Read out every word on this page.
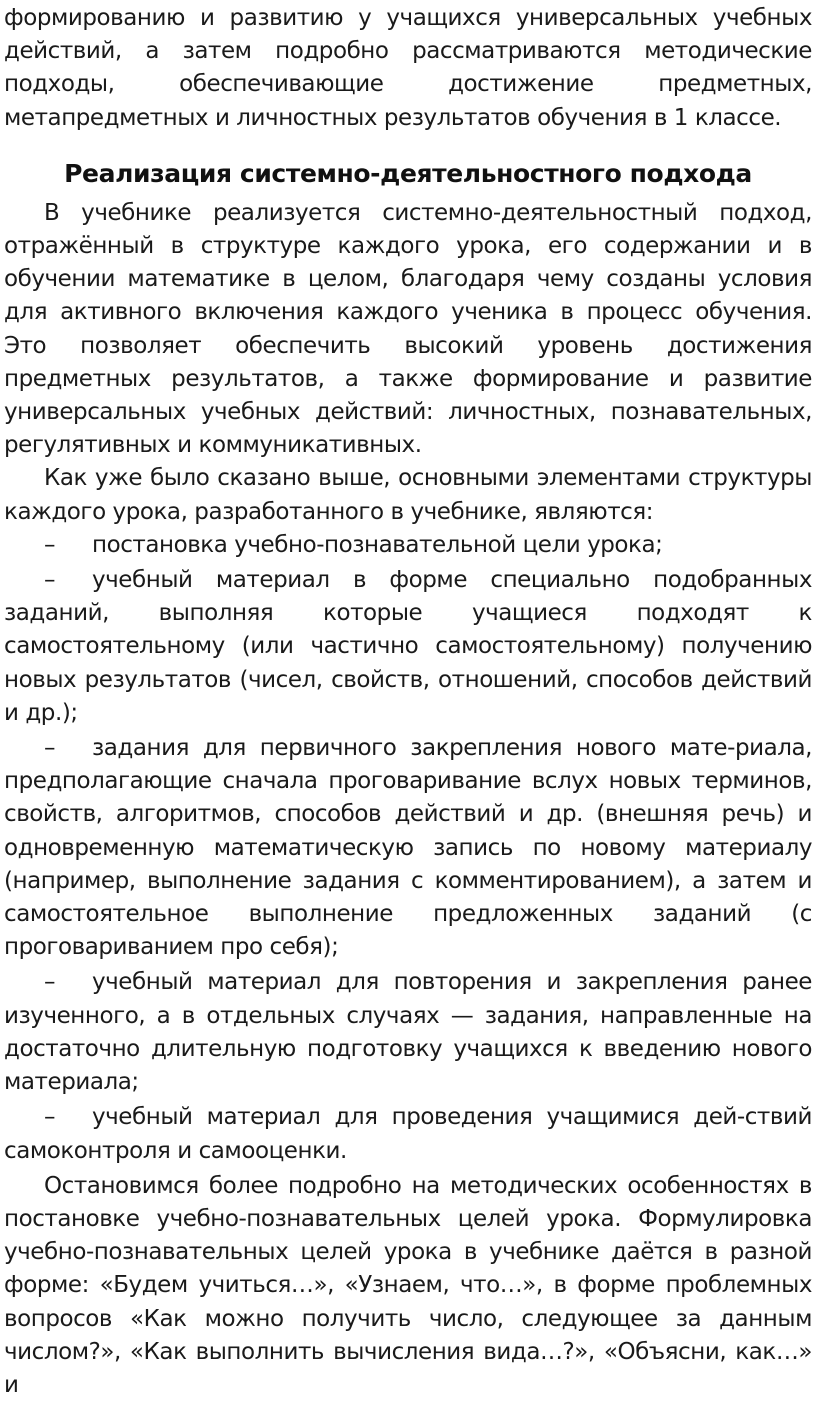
формированию и развитию у учащихся универсальных учебных действий, а затем подробно рассматриваются методические подходы, обеспечивающие достижение предметных, метапредметных и личностных результатов обучения в 1 классе.

Реализация системно-деятельностного подхода

В учебнике реализуется системно-деятельностный подход, отражённый в структуре каждого урока, его содержании и в обучении математике в целом, благодаря чему созданы условия для активного включения каждого ученика в процесс обучения. Это позволяет обеспечить высокий уровень достижения предметных результатов, а также формирование и развитие универсальных учебных действий: личностных, познавательных, регулятивных и коммуникативных.

Как уже было сказано выше, основными элементами структуры каждого урока, разработанного в учебнике, являются:

– постановка учебно-познавательной цели урока;

– учебный материал в форме специально подобранных заданий, выполняя которые учащиеся подходят к самостоятельному (или частично самостоятельному) получению новых результатов (чисел, свойств, отношений, способов действий и др.);

– задания для первичного закрепления нового мате-риала, предполагающие сначала проговаривание вслух новых терминов, свойств, алгоритмов, способов действий и др. (внешняя речь) и одновременную математическую запись по новому материалу (например, выполнение задания с комментированием), а затем и самостоятельное выполнение предложенных заданий (с проговариванием про себя);

– учебный материал для повторения и закрепления ранее изученного, а в отдельных случаях — задания, направленные на достаточно длительную подготовку учащихся к введению нового материала;

– учебный материал для проведения учащимися дей-ствий самоконтроля и самооценки.

Остановимся более подробно на методических особенностях в постановке учебно-познавательных целей урока. Формулировка учебно-познавательных целей урока в учебнике даётся в разной форме: «Будем учиться…», «Узнаем, что…», в форме проблемных вопросов «Как можно получить число, следующее за данным числом?», «Как выполнить вычисления вида…?», «Объясни, как…» и
